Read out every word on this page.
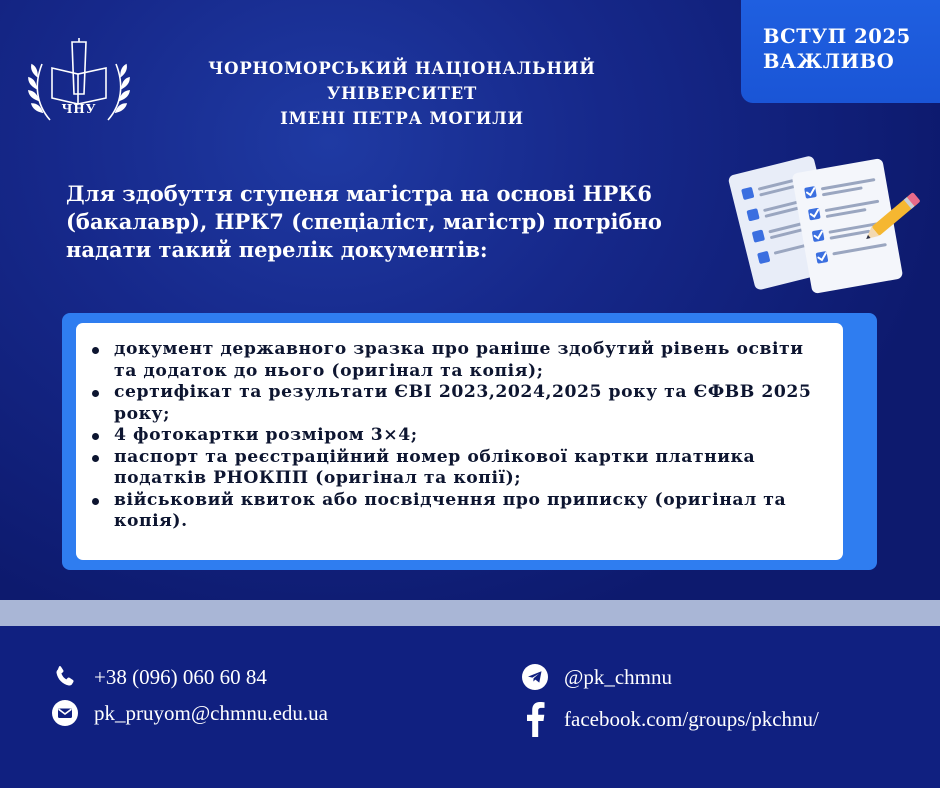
ЧНУ
ЧОРНОМОРСЬКИЙ НАЦІОНАЛЬНИЙ УНІВЕРСИТЕТ
ІМЕНІ ПЕТРА МОГИЛИ
ВСТУП 2025
ВАЖЛИВО
Для здобуття ступеня магістра на основі НРК6 (бакалавр), НРК7 (спеціаліст, магістр) потрібно надати такий перелік документів:
документ державного зразка про раніше здобутий рівень освіти та додаток до нього (оригінал та копія);
сертифікат та результати ЄВІ 2023,2024,2025 року та ЄФВВ 2025 року;
4 фотокартки розміром 3×4;
паспорт та реєстраційний номер облікової картки платника податків РНОКПП (оригінал та копії);
військовий квиток або посвідчення про приписку (оригінал та копія).
+38 (096) 060 60 84
pk_pruyom@chmnu.edu.ua
@pk_chmnu
facebook.com/groups/pkchnu/
